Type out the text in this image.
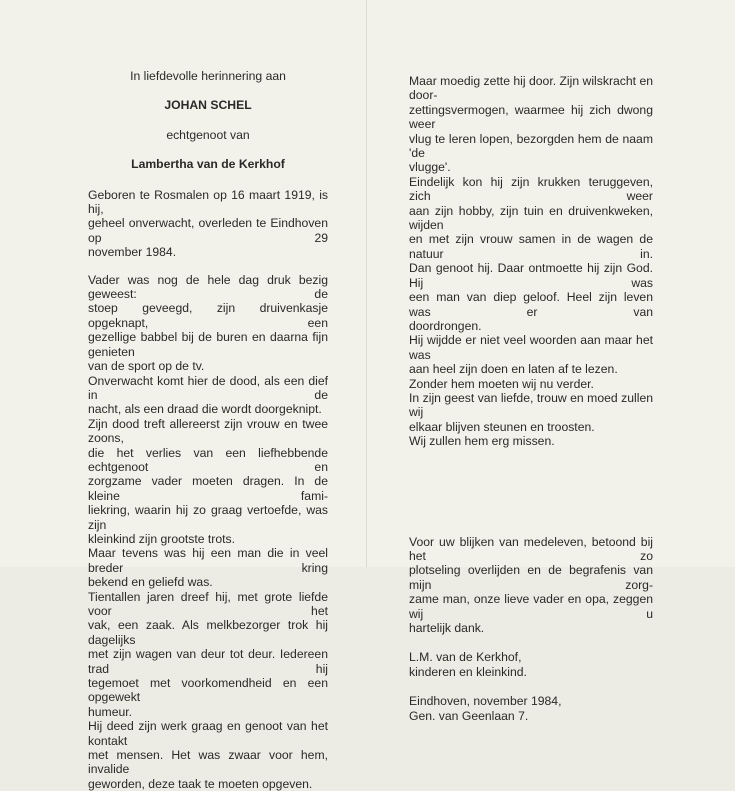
In liefdevolle herinnering aan
JOHAN SCHEL
echtgenoot van
Lambertha van de Kerkhof
Geboren te Rosmalen op 16 maart 1919, is hij,
geheel onverwacht, overleden te Eindhoven op 29
november 1984.
Vader was nog de hele dag druk bezig geweest: de
stoep geveegd, zijn druivenkasje opgeknapt, een
gezellige babbel bij de buren en daarna fijn genieten
van de sport op de tv.
Onverwacht komt hier de dood, als een dief in de
nacht, als een draad die wordt doorgeknipt.
Zijn dood treft allereerst zijn vrouw en twee zoons,
die het verlies van een liefhebbende echtgenoot en
zorgzame vader moeten dragen. In de kleine fami-
liekring, waarin hij zo graag vertoefde, was zijn
kleinkind zijn grootste trots.
Maar tevens was hij een man die in veel breder kring
bekend en geliefd was.
Tientallen jaren dreef hij, met grote liefde voor het
vak, een zaak. Als melkbezorger trok hij dagelijks
met zijn wagen van deur tot deur. Iedereen trad hij
tegemoet met voorkomendheid en een opgewekt
humeur.
Hij deed zijn werk graag en genoot van het kontakt
met mensen. Het was zwaar voor hem, invalide
geworden, deze taak te moeten opgeven.
Maar moedig zette hij door. Zijn wilskracht en door-
zettingsvermogen, waarmee hij zich dwong weer
vlug te leren lopen, bezorgden hem de naam 'de
vlugge'.
Eindelijk kon hij zijn krukken teruggeven, zich weer
aan zijn hobby, zijn tuin en druivenkweken, wijden
en met zijn vrouw samen in de wagen de natuur in.
Dan genoot hij. Daar ontmoette hij zijn God. Hij was
een man van diep geloof. Heel zijn leven was er van
doordrongen.
Hij wijdde er niet veel woorden aan maar het was
aan heel zijn doen en laten af te lezen.
Zonder hem moeten wij nu verder.
In zijn geest van liefde, trouw en moed zullen wij
elkaar blijven steunen en troosten.
Wij zullen hem erg missen.
Voor uw blijken van medeleven, betoond bij het zo
plotseling overlijden en de begrafenis van mijn zorg-
zame man, onze lieve vader en opa, zeggen wij u
hartelijk dank.
L.M. van de Kerkhof,
kinderen en kleinkind.
Eindhoven, november 1984,
Gen. van Geenlaan 7.
